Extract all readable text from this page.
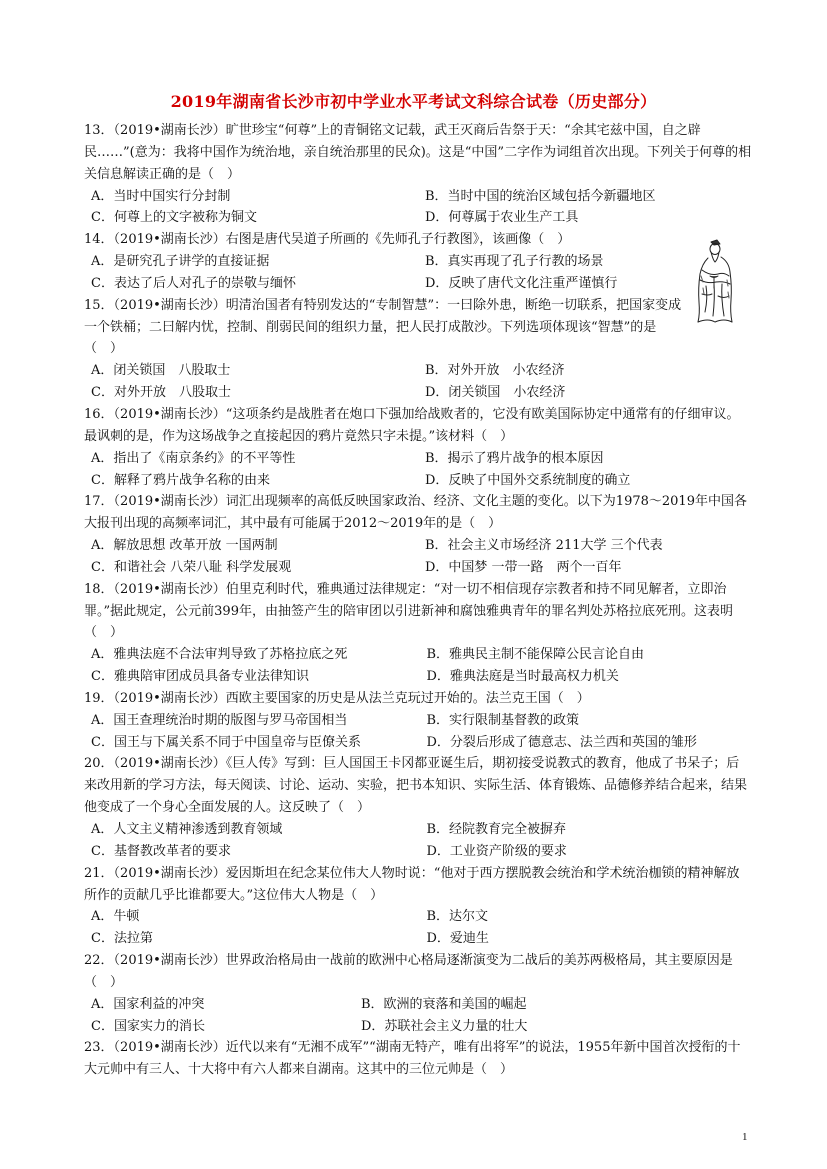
2019年湖南省长沙市初中学业水平考试文科综合试卷（历史部分）

13．（2019•湖南长沙）旷世珍宝“何尊”上的青铜铭文记载，武王灭商后告祭于天：“余其宅兹中国，自之辟民……”(意为：我将中国作为统治地，亲自统治那里的民众)。这是“中国”二字作为词组首次出现。下列关于何尊的相关信息解读正确的是（　）

A．当时中国实行分封制	B．当时中国的统治区域包括今新疆地区
C．何尊上的文字被称为铜文	D．何尊属于农业生产工具

14．（2019•湖南长沙）右图是唐代吴道子所画的《先师孔子行教图》，该画像（　）

A．是研究孔子讲学的直接证据	B．真实再现了孔子行教的场景
C．表达了后人对孔子的崇敬与缅怀	D．反映了唐代文化注重严谨慎行

15．（2019•湖南长沙）明清治国者有特别发达的“专制智慧”：一曰除外患，断绝一切联系，把国家变成一个铁桶；二曰解内忧，控制、削弱民间的组织力量，把人民打成散沙。下列选项体现该“智慧”的是（　）

A．闭关锁国　八股取士	B．对外开放　小农经济
C．对外开放　八股取士	D．闭关锁国　小农经济

16．（2019•湖南长沙）“这项条约是战胜者在炮口下强加给战败者的，它没有欧美国际协定中通常有的仔细审议。最讽刺的是，作为这场战争之直接起因的鸦片竟然只字未提。”该材料（　）

A．指出了《南京条约》的不平等性	B．揭示了鸦片战争的根本原因
C．解释了鸦片战争名称的由来	D．反映了中国外交系统制度的确立

17．（2019•湖南长沙）词汇出现频率的高低反映国家政治、经济、文化主题的变化。以下为1978～2019年中国各大报刊出现的高频率词汇，其中最有可能属于2012～2019年的是（　）

A．解放思想 改革开放 一国两制	B．社会主义市场经济 211大学 三个代表
C．和谐社会 八荣八耻 科学发展观	D．中国梦 一带一路　两个一百年

18．（2019•湖南长沙）伯里克利时代，雅典通过法律规定：“对一切不相信现存宗教者和持不同见解者，立即治罪。”据此规定，公元前399年，由抽签产生的陪审团以引进新神和腐蚀雅典青年的罪名判处苏格拉底死刑。这表明（　）

A．雅典法庭不合法审判导致了苏格拉底之死	B．雅典民主制不能保障公民言论自由
C．雅典陪审团成员具备专业法律知识	D．雅典法庭是当时最高权力机关

19．（2019•湖南长沙）西欧主要国家的历史是从法兰克玩过开始的。法兰克王国（　）

A．国王查理统治时期的版图与罗马帝国相当	B．实行限制基督教的政策
C．国王与下属关系不同于中国皇帝与臣僚关系	D．分裂后形成了德意志、法兰西和英国的雏形

20．（2019•湖南长沙）《巨人传》写到：巨人国国王卡冈都亚诞生后，期初接受说教式的教育，他成了书呆子；后来改用新的学习方法，每天阅读、讨论、运动、实验，把书本知识、实际生活、体育锻炼、品德修养结合起来，结果他变成了一个身心全面发展的人。这反映了（　）

A．人文主义精神渗透到教育领域	B．经院教育完全被摒弃
C．基督教改革者的要求	D．工业资产阶级的要求

21．（2019•湖南长沙）爱因斯坦在纪念某位伟大人物时说：“他对于西方摆脱教会统治和学术统治枷锁的精神解放所作的贡献几乎比谁都要大。”这位伟大人物是（　）

A．牛顿	B．达尔文
C．法拉第	D．爱迪生

22．（2019•湖南长沙）世界政治格局由一战前的欧洲中心格局逐渐演变为二战后的美苏两极格局，其主要原因是（　）

A．国家利益的冲突	B．欧洲的衰落和美国的崛起
C．国家实力的消长	D．苏联社会主义力量的壮大

23．（2019•湖南长沙）近代以来有“无湘不成军”“湖南无特产，唯有出将军”的说法，1955年新中国首次授衔的十大元帅中有三人、十大将中有六人都来自湖南。这其中的三位元帅是（　）

1
